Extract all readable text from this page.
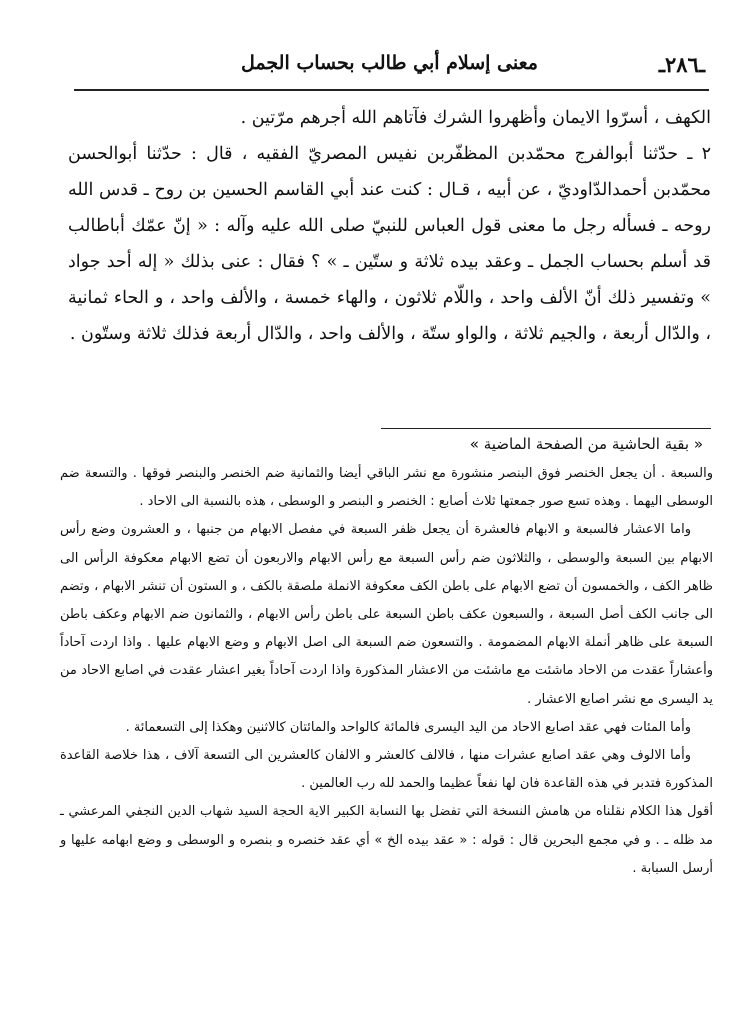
ـ٢٨٦ـ
معنى إسلام أبي طالب بحساب الجمل

الكهف ، أسرّوا الايمان وأظهروا الشرك فآتاهم الله أجرهم مرّتين .

٢ ـ حدّثنا أبوالفرج محمّدبن المظفّربن نفيس المصريّ الفقيه ، قال : حدّثنا أبوالحسن محمّدبن أحمدالدّاوديّ ، عن أبيه ، قـال : كنت عند أبي القاسم الحسين بن روح ـ قدس الله روحه ـ فسأله رجل ما معنى قول العباس للنبيّ صلى الله عليه وآله : « إنّ عمّك أباطالب قد أسلم بحساب الجمل ـ وعقد بيده ثلاثة و ستّين ـ » ؟ فقال : عنى بذلك « إله أحد جواد » وتفسير ذلك أنّ الألف واحد ، واللّام ثلاثون ، والهاء خمسة ، والألف واحد ، و الحاء ثمانية ، والدّال أربعة ، والجيم ثلاثة ، والواو ستّة ، والألف واحد ، والدّال أربعة فذلك ثلاثة وستّون .

« بقية الحاشية من الصفحة الماضية »

والسبعة . أن يجعل الخنصر فوق البنصر منشورة مع نشر الباقي أيضا والثمانية ضم الخنصر والبنصر فوقها . والتسعة ضم الوسطى اليهما . وهذه تسع صور جمعتها ثلاث أصابع : الخنصر و البنصر و الوسطى ، هذه بالنسبة الى الاحاد .

واما الاعشار فالسبعة و الابهام فالعشرة أن يجعل ظفر السبعة في مفصل الابهام من جنبها ، و العشرون وضع رأس الابهام بين السبعة والوسطى ، والثلاثون ضم رأس السبعة مع رأس الابهام والاربعون أن تضع الابهام معكوفة الرأس الى ظاهر الكف ، والخمسون أن تضع الابهام على باطن الكف معكوفة الانملة ملصقة بالكف ، و الستون أن تنشر الابهام ، وتضم الى جانب الكف أصل السبعة ، والسبعون عكف باطن السبعة على باطن رأس الابهام ، والثمانون ضم الابهام وعكف باطن السبعة على ظاهر أنملة الابهام المضمومة . والتسعون ضم السبعة الى اصل الابهام و وضع الابهام عليها . واذا اردت آحاداً وأعشاراً عقدت من الاحاد ماشئت مع ماشئت من الاعشار المذكورة واذا اردت آحاداً بغير اعشار عقدت في اصابع الاحاد من يد اليسرى مع نشر اصابع الاعشار .

وأما المئات فهي عقد اصابع الاحاد من اليد اليسرى فالمائة كالواحد والمائتان كالاثنين وهكذا إلى التسعمائة .

وأما الالوف وهي عقد اصابع عشرات منها ، فالالف كالعشر و الالفان كالعشرين الى التسعة آلاف ، هذا خلاصة القاعدة المذكورة فتدبر في هذه القاعدة فان لها نفعاً عظيما والحمد لله رب العالمين .

أقول هذا الكلام نقلناه من هامش النسخة التي تفضل بها النسابة الكبير الاية الحجة السيد شهاب الدين النجفي المرعشي ـ مد ظله ـ . و في مجمع البحرين قال : قوله : « عقد بيده الخ » أي عقد خنصره و بنصره و الوسطى و وضع ابهامه عليها و أرسل السبابة .
